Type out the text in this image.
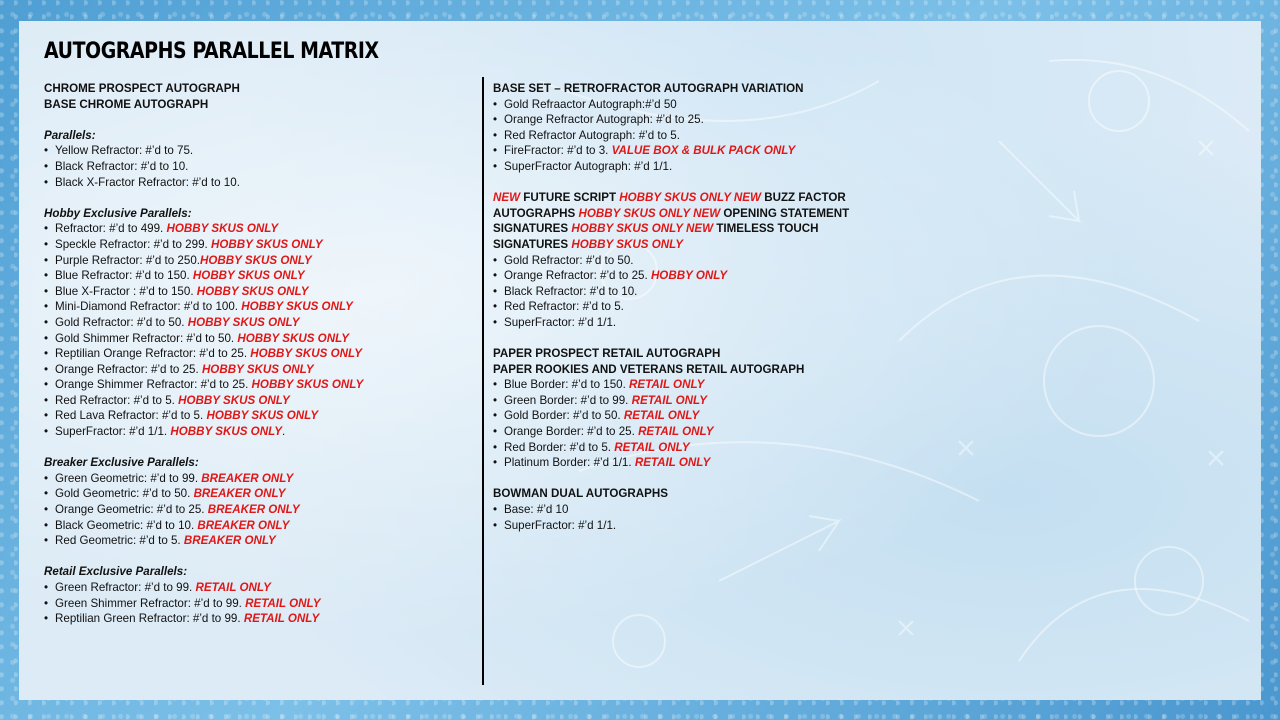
AUTOGRAPHS PARALLEL MATRIX
CHROME PROSPECT AUTOGRAPH
BASE CHROME AUTOGRAPH
Parallels:
• Yellow Refractor: #’d to 75.
• Black Refractor: #’d to 10.
• Black X-Fractor Refractor: #’d to 10.
Hobby Exclusive Parallels:
• Refractor: #’d to 499. HOBBY SKUS ONLY
• Speckle Refractor: #’d to 299. HOBBY SKUS ONLY
• Purple Refractor: #’d to 250.HOBBY SKUS ONLY
• Blue Refractor: #’d to 150. HOBBY SKUS ONLY
• Blue X-Fractor : #’d to 150. HOBBY SKUS ONLY
• Mini-Diamond Refractor: #’d to 100. HOBBY SKUS ONLY
• Gold Refractor: #’d to 50. HOBBY SKUS ONLY
• Gold Shimmer Refractor: #’d to 50. HOBBY SKUS ONLY
• Reptilian Orange Refractor: #’d to 25. HOBBY SKUS ONLY
• Orange Refractor: #’d to 25. HOBBY SKUS ONLY
• Orange Shimmer Refractor: #’d to 25. HOBBY SKUS ONLY
• Red Refractor: #’d to 5. HOBBY SKUS ONLY
• Red Lava Refractor: #’d to 5. HOBBY SKUS ONLY
• SuperFractor: #’d 1/1. HOBBY SKUS ONLY.
Breaker Exclusive Parallels:
• Green Geometric: #’d to 99. BREAKER ONLY
• Gold Geometric: #’d to 50. BREAKER ONLY
• Orange Geometric: #’d to 25. BREAKER ONLY
• Black Geometric: #’d to 10. BREAKER ONLY
• Red Geometric: #’d to 5. BREAKER ONLY
Retail Exclusive Parallels:
• Green Refractor: #’d to 99. RETAIL ONLY
• Green Shimmer Refractor: #’d to 99. RETAIL ONLY
• Reptilian Green Refractor: #’d to 99. RETAIL ONLY
BASE SET – RETROFRACTOR AUTOGRAPH VARIATION
• Gold Refraactor Autograph:#’d 50
• Orange Refractor Autograph: #’d to 25.
• Red Refractor Autograph: #’d to 5.
• FireFractor: #’d to 3. VALUE BOX & BULK PACK ONLY
• SuperFractor Autograph: #’d 1/1.
NEW FUTURE SCRIPT HOBBY SKUS ONLY NEW BUZZ FACTOR
AUTOGRAPHS HOBBY SKUS ONLY NEW OPENING STATEMENT
SIGNATURES HOBBY SKUS ONLY NEW TIMELESS TOUCH
SIGNATURES HOBBY SKUS ONLY
• Gold Refractor: #’d to 50.
• Orange Refractor: #’d to 25. HOBBY ONLY
• Black Refractor: #’d to 10.
• Red Refractor: #’d to 5.
• SuperFractor: #’d 1/1.
PAPER PROSPECT RETAIL AUTOGRAPH
PAPER ROOKIES AND VETERANS RETAIL AUTOGRAPH
• Blue Border: #’d to 150. RETAIL ONLY
• Green Border: #’d to 99. RETAIL ONLY
• Gold Border: #’d to 50. RETAIL ONLY
• Orange Border: #’d to 25. RETAIL ONLY
• Red Border: #’d to 5. RETAIL ONLY
• Platinum Border: #’d 1/1. RETAIL ONLY
BOWMAN DUAL AUTOGRAPHS
• Base: #’d 10
• SuperFractor: #’d 1/1.
